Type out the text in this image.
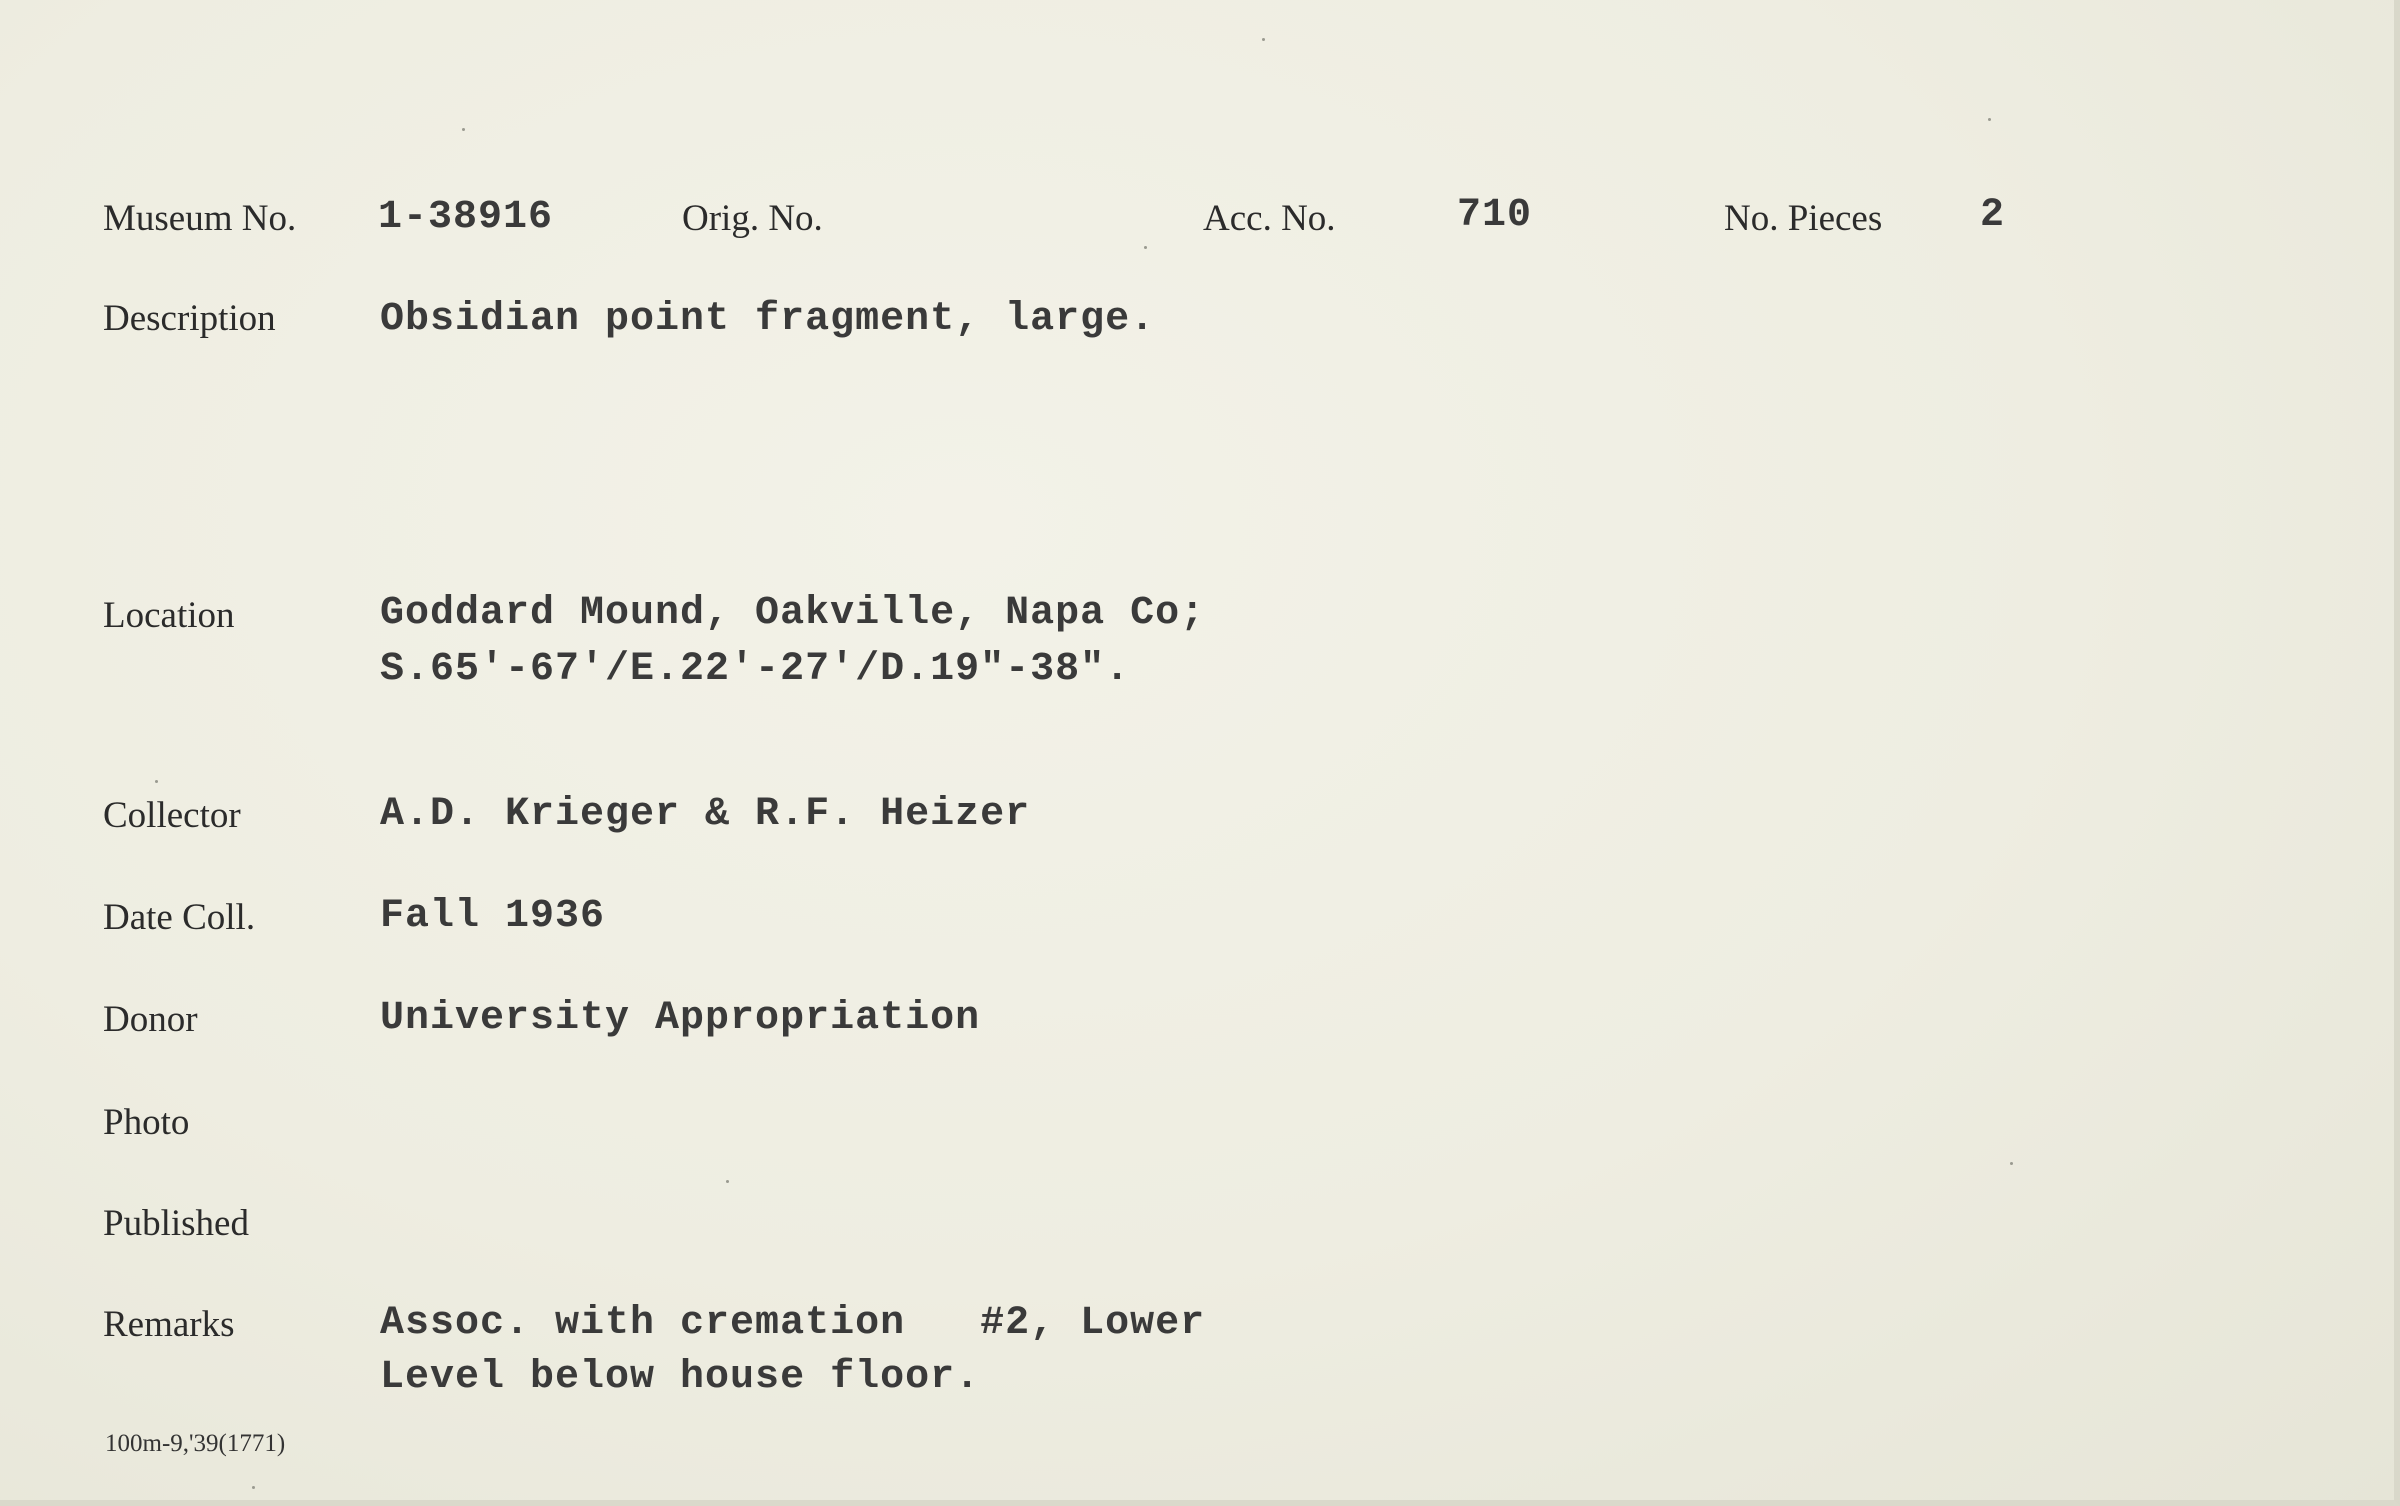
Museum No. 1-38916	Orig. No.	Acc. No.	710	No. Pieces 2
Description	Obsidian point fragment, large.
Location	Goddard Mound, Oakville, Napa Co;
S.65'-67'/E.22'-27'/D.19"-38".
Collector	A.D. Krieger & R.F. Heizer
Date Coll.	Fall 1936
Donor	University Appropriation
Photo
Published
Remarks	Assoc. with cremation   #2, Lower
Level below house floor.
100m-9,'39(1771)
